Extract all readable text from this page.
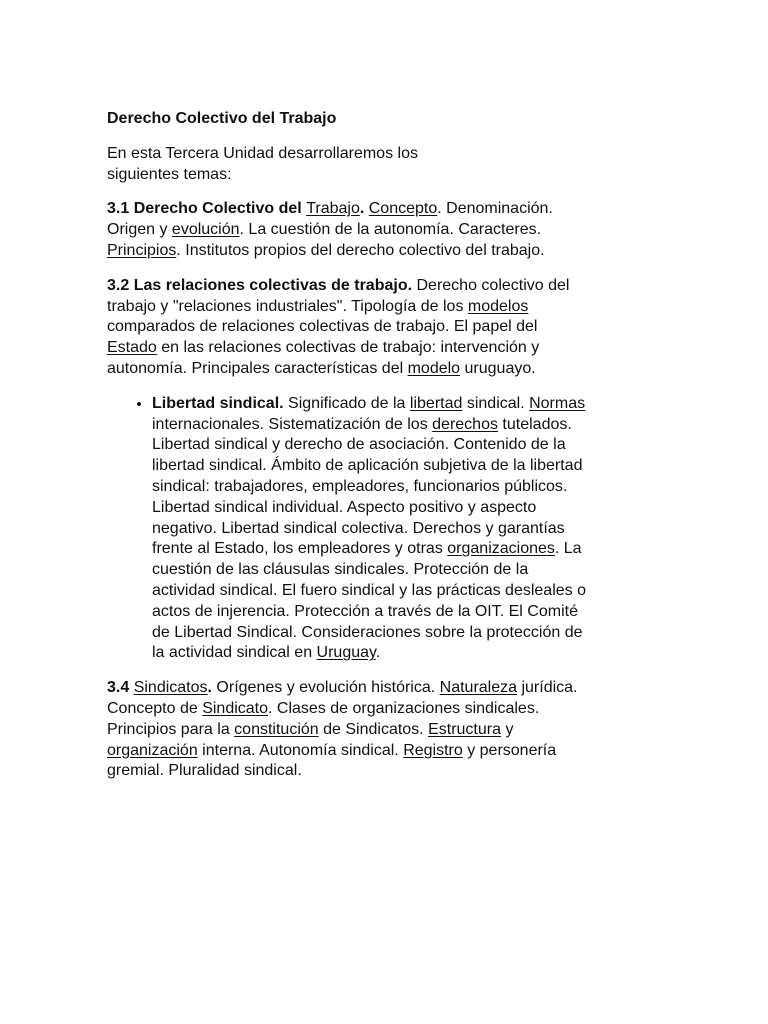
Derecho Colectivo del Trabajo

En esta Tercera Unidad desarrollaremos los siguientes temas:

3.1 Derecho Colectivo del Trabajo. Concepto. Denominación. Origen y evolución. La cuestión de la autonomía. Caracteres. Principios. Institutos propios del derecho colectivo del trabajo.

3.2 Las relaciones colectivas de trabajo. Derecho colectivo del trabajo y "relaciones industriales". Tipología de los modelos comparados de relaciones colectivas de trabajo. El papel del Estado en las relaciones colectivas de trabajo: intervención y autonomía. Principales características del modelo uruguayo.

• Libertad sindical. Significado de la libertad sindical. Normas internacionales. Sistematización de los derechos tutelados. Libertad sindical y derecho de asociación. Contenido de la libertad sindical. Ámbito de aplicación subjetiva de la libertad sindical: trabajadores, empleadores, funcionarios públicos. Libertad sindical individual. Aspecto positivo y aspecto negativo. Libertad sindical colectiva. Derechos y garantías frente al Estado, los empleadores y otras organizaciones. La cuestión de las cláusulas sindicales. Protección de la actividad sindical. El fuero sindical y las prácticas desleales o actos de injerencia. Protección a través de la OIT. El Comité de Libertad Sindical. Consideraciones sobre la protección de la actividad sindical en Uruguay.

3.4 Sindicatos. Orígenes y evolución histórica. Naturaleza jurídica. Concepto de Sindicato. Clases de organizaciones sindicales. Principios para la constitución de Sindicatos. Estructura y organización interna. Autonomía sindical. Registro y personería gremial. Pluralidad sindical.
